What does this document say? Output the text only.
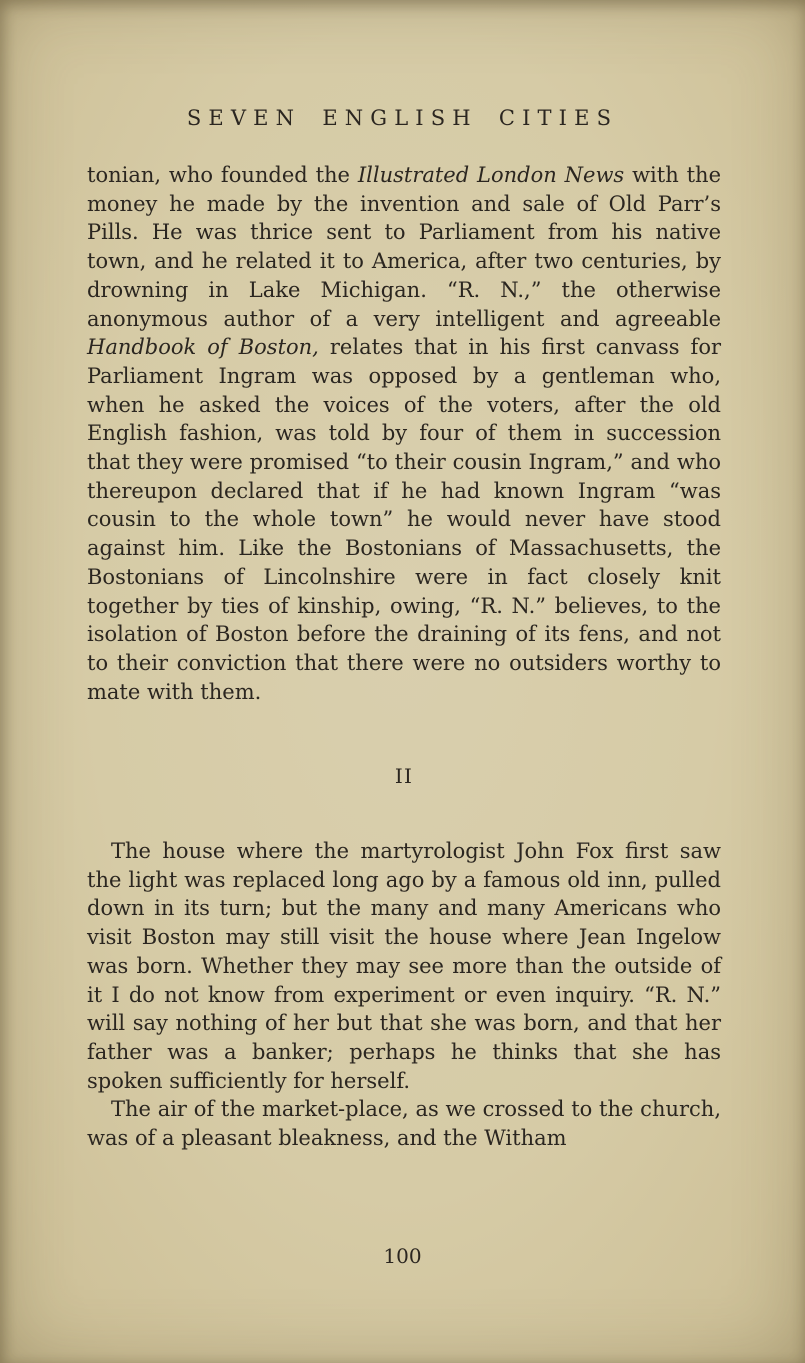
SEVEN ENGLISH CITIES

tonian, who founded the Illustrated London News with the money he made by the invention and sale of Old Parr’s Pills. He was thrice sent to Parliament from his native town, and he related it to America, after two centuries, by drowning in Lake Michigan. “R. N.,” the otherwise anonymous author of a very intelligent and agreeable Handbook of Boston, relates that in his first canvass for Parliament Ingram was opposed by a gentleman who, when he asked the voices of the voters, after the old English fashion, was told by four of them in succession that they were promised “to their cousin Ingram,” and who thereupon declared that if he had known Ingram “was cousin to the whole town” he would never have stood against him. Like the Bostonians of Massachusetts, the Bostonians of Lincolnshire were in fact closely knit together by ties of kinship, owing, “R. N.” believes, to the isolation of Boston before the draining of its fens, and not to their conviction that there were no outsiders worthy to mate with them.

II

The house where the martyrologist John Fox first saw the light was replaced long ago by a famous old inn, pulled down in its turn; but the many and many Americans who visit Boston may still visit the house where Jean Ingelow was born. Whether they may see more than the outside of it I do not know from experiment or even inquiry. “R. N.” will say nothing of her but that she was born, and that her father was a banker; perhaps he thinks that she has spoken sufficiently for herself.

The air of the market-place, as we crossed to the church, was of a pleasant bleakness, and the Witham

100
